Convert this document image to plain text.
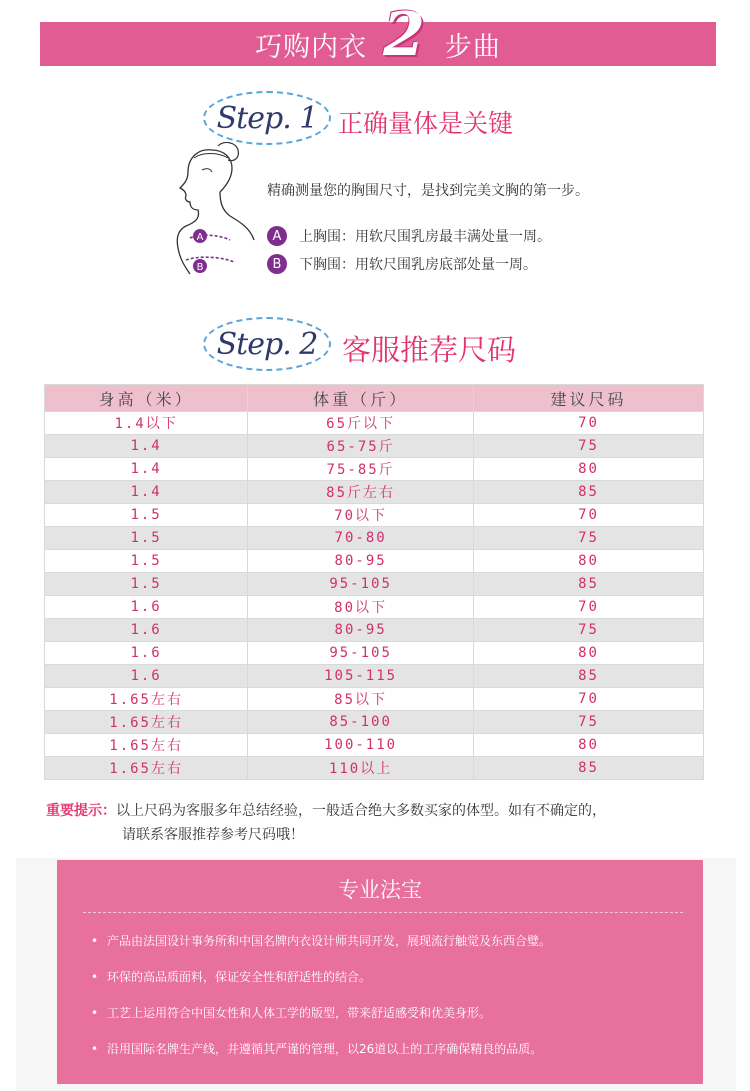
巧购内衣 2 步曲
Step. 1 正确量体是关键
A
B
精确测量您的胸围尺寸，是找到完美文胸的第一步。
A	上胸围：用软尺围乳房最丰满处量一周。
B	下胸围：用软尺围乳房底部处量一周。
Step. 2 客服推荐尺码
身高（米）	体重（斤）	建议尺码
1.4以下	65斤以下	70
1.4	65-75斤	75
1.4	75-85斤	80
1.4	85斤左右	85
1.5	70以下	70
1.5	70-80	75
1.5	80-95	80
1.5	95-105	85
1.6	80以下	70
1.6	80-95	75
1.6	95-105	80
1.6	105-115	85
1.65左右	85以下	70
1.65左右	85-100	75
1.65左右	100-110	80
1.65左右	110以上	85
重要提示：以上尺码为客服多年总结经验，一般适合绝大多数买家的体型。如有不确定的，
请联系客服推荐参考尺码哦！
专业法宝
• 产品由法国设计事务所和中国名牌内衣设计师共同开发，展现流行触觉及东西合璧。
• 环保的高品质面料，保证安全性和舒适性的结合。
• 工艺上运用符合中国女性和人体工学的版型，带来舒适感受和优美身形。
• 沿用国际名牌生产线，并遵循其严谨的管理，以26道以上的工序确保精良的品质。
